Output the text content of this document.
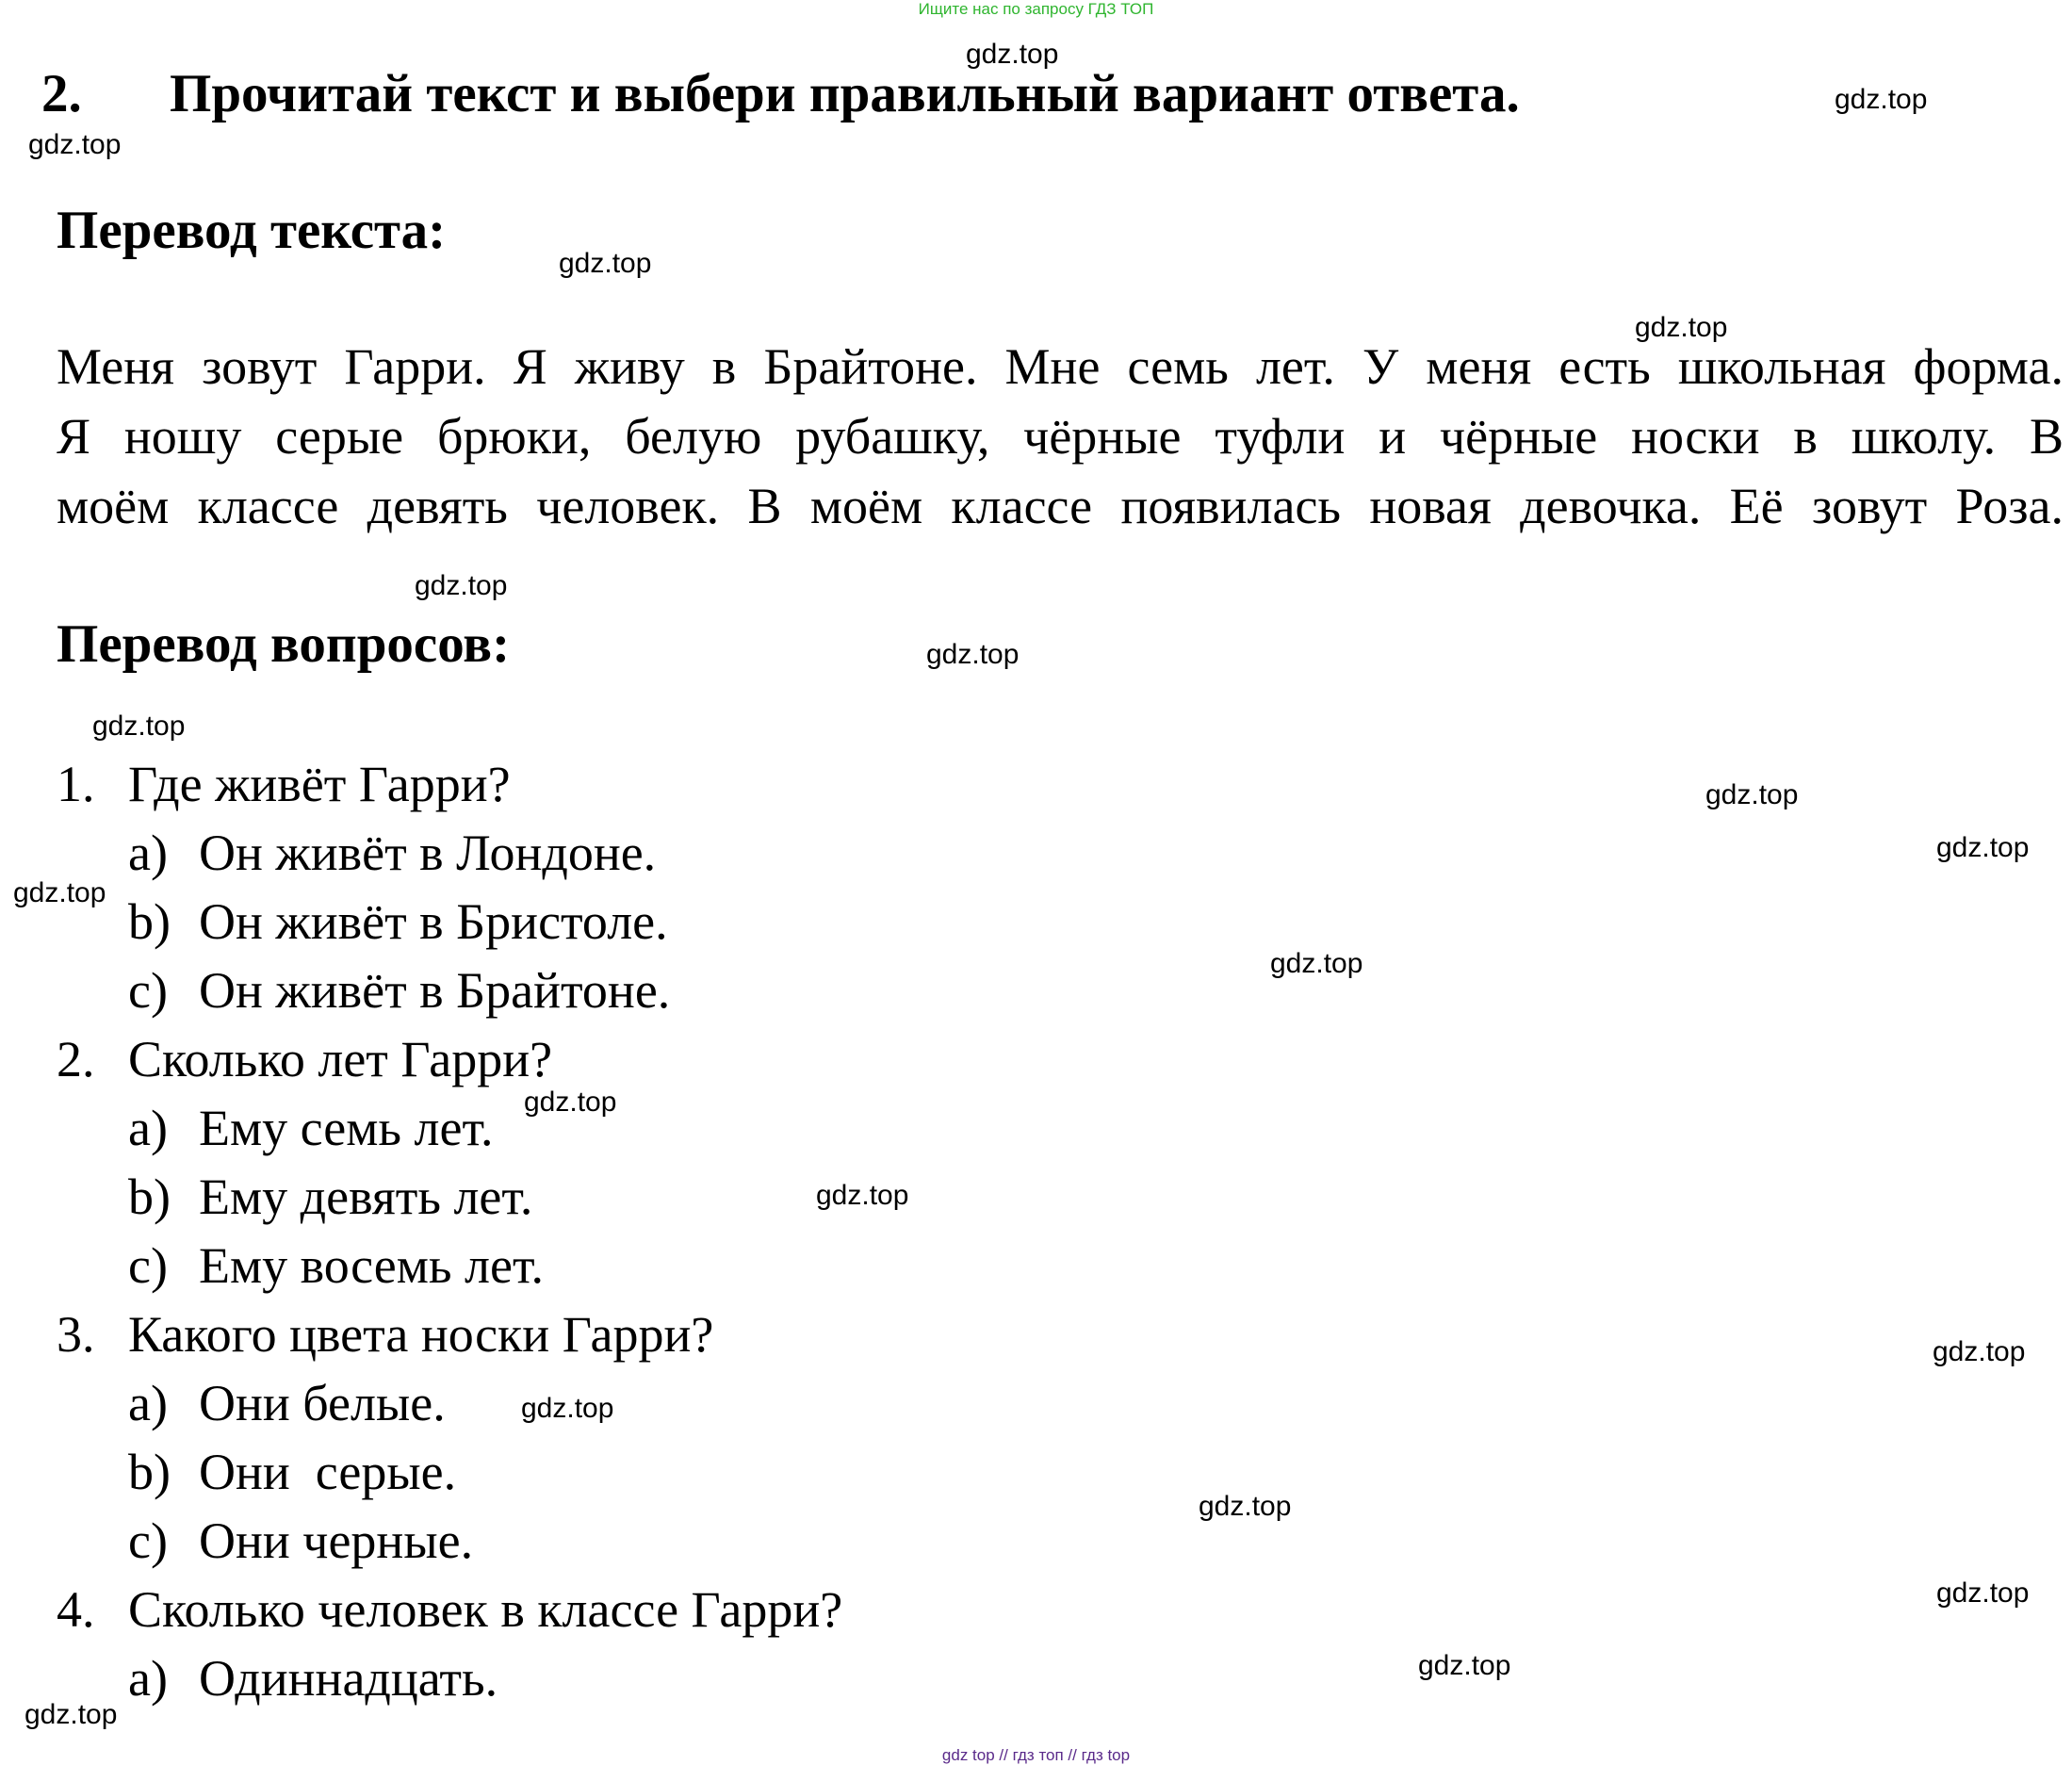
Ищите нас по запросу ГДЗ ТОП
2. Прочитай текст и выбери правильный вариант ответа.
Перевод текста:
Меня зовут Гарри. Я живу в Брайтоне. Мне семь лет. У меня есть школьная форма.
Я ношу серые брюки, белую рубашку, чёрные туфли и чёрные носки в школу. В
моём классе девять человек. В моём классе появилась новая девочка. Её зовут Роза.
Перевод вопросов:
1. Где живёт Гарри?
a) Он живёт в Лондоне.
b) Он живёт в Бристоле.
c) Он живёт в Брайтоне.
2. Сколько лет Гарри?
a) Ему семь лет.
b) Ему девять лет.
c) Ему восемь лет.
3. Какого цвета носки Гарри?
a) Они белые.
b) Они  серые.
c) Они черные.
4. Сколько человек в классе Гарри?
a) Одиннадцать.
gdz.top
gdz.top
gdz.top
gdz.top
gdz.top
gdz.top
gdz.top
gdz.top
gdz.top
gdz.top
gdz.top
gdz.top
gdz.top
gdz.top
gdz.top
gdz.top
gdz.top
gdz.top
gdz.top
gdz.top
gdz top // гдз топ // гдз top
